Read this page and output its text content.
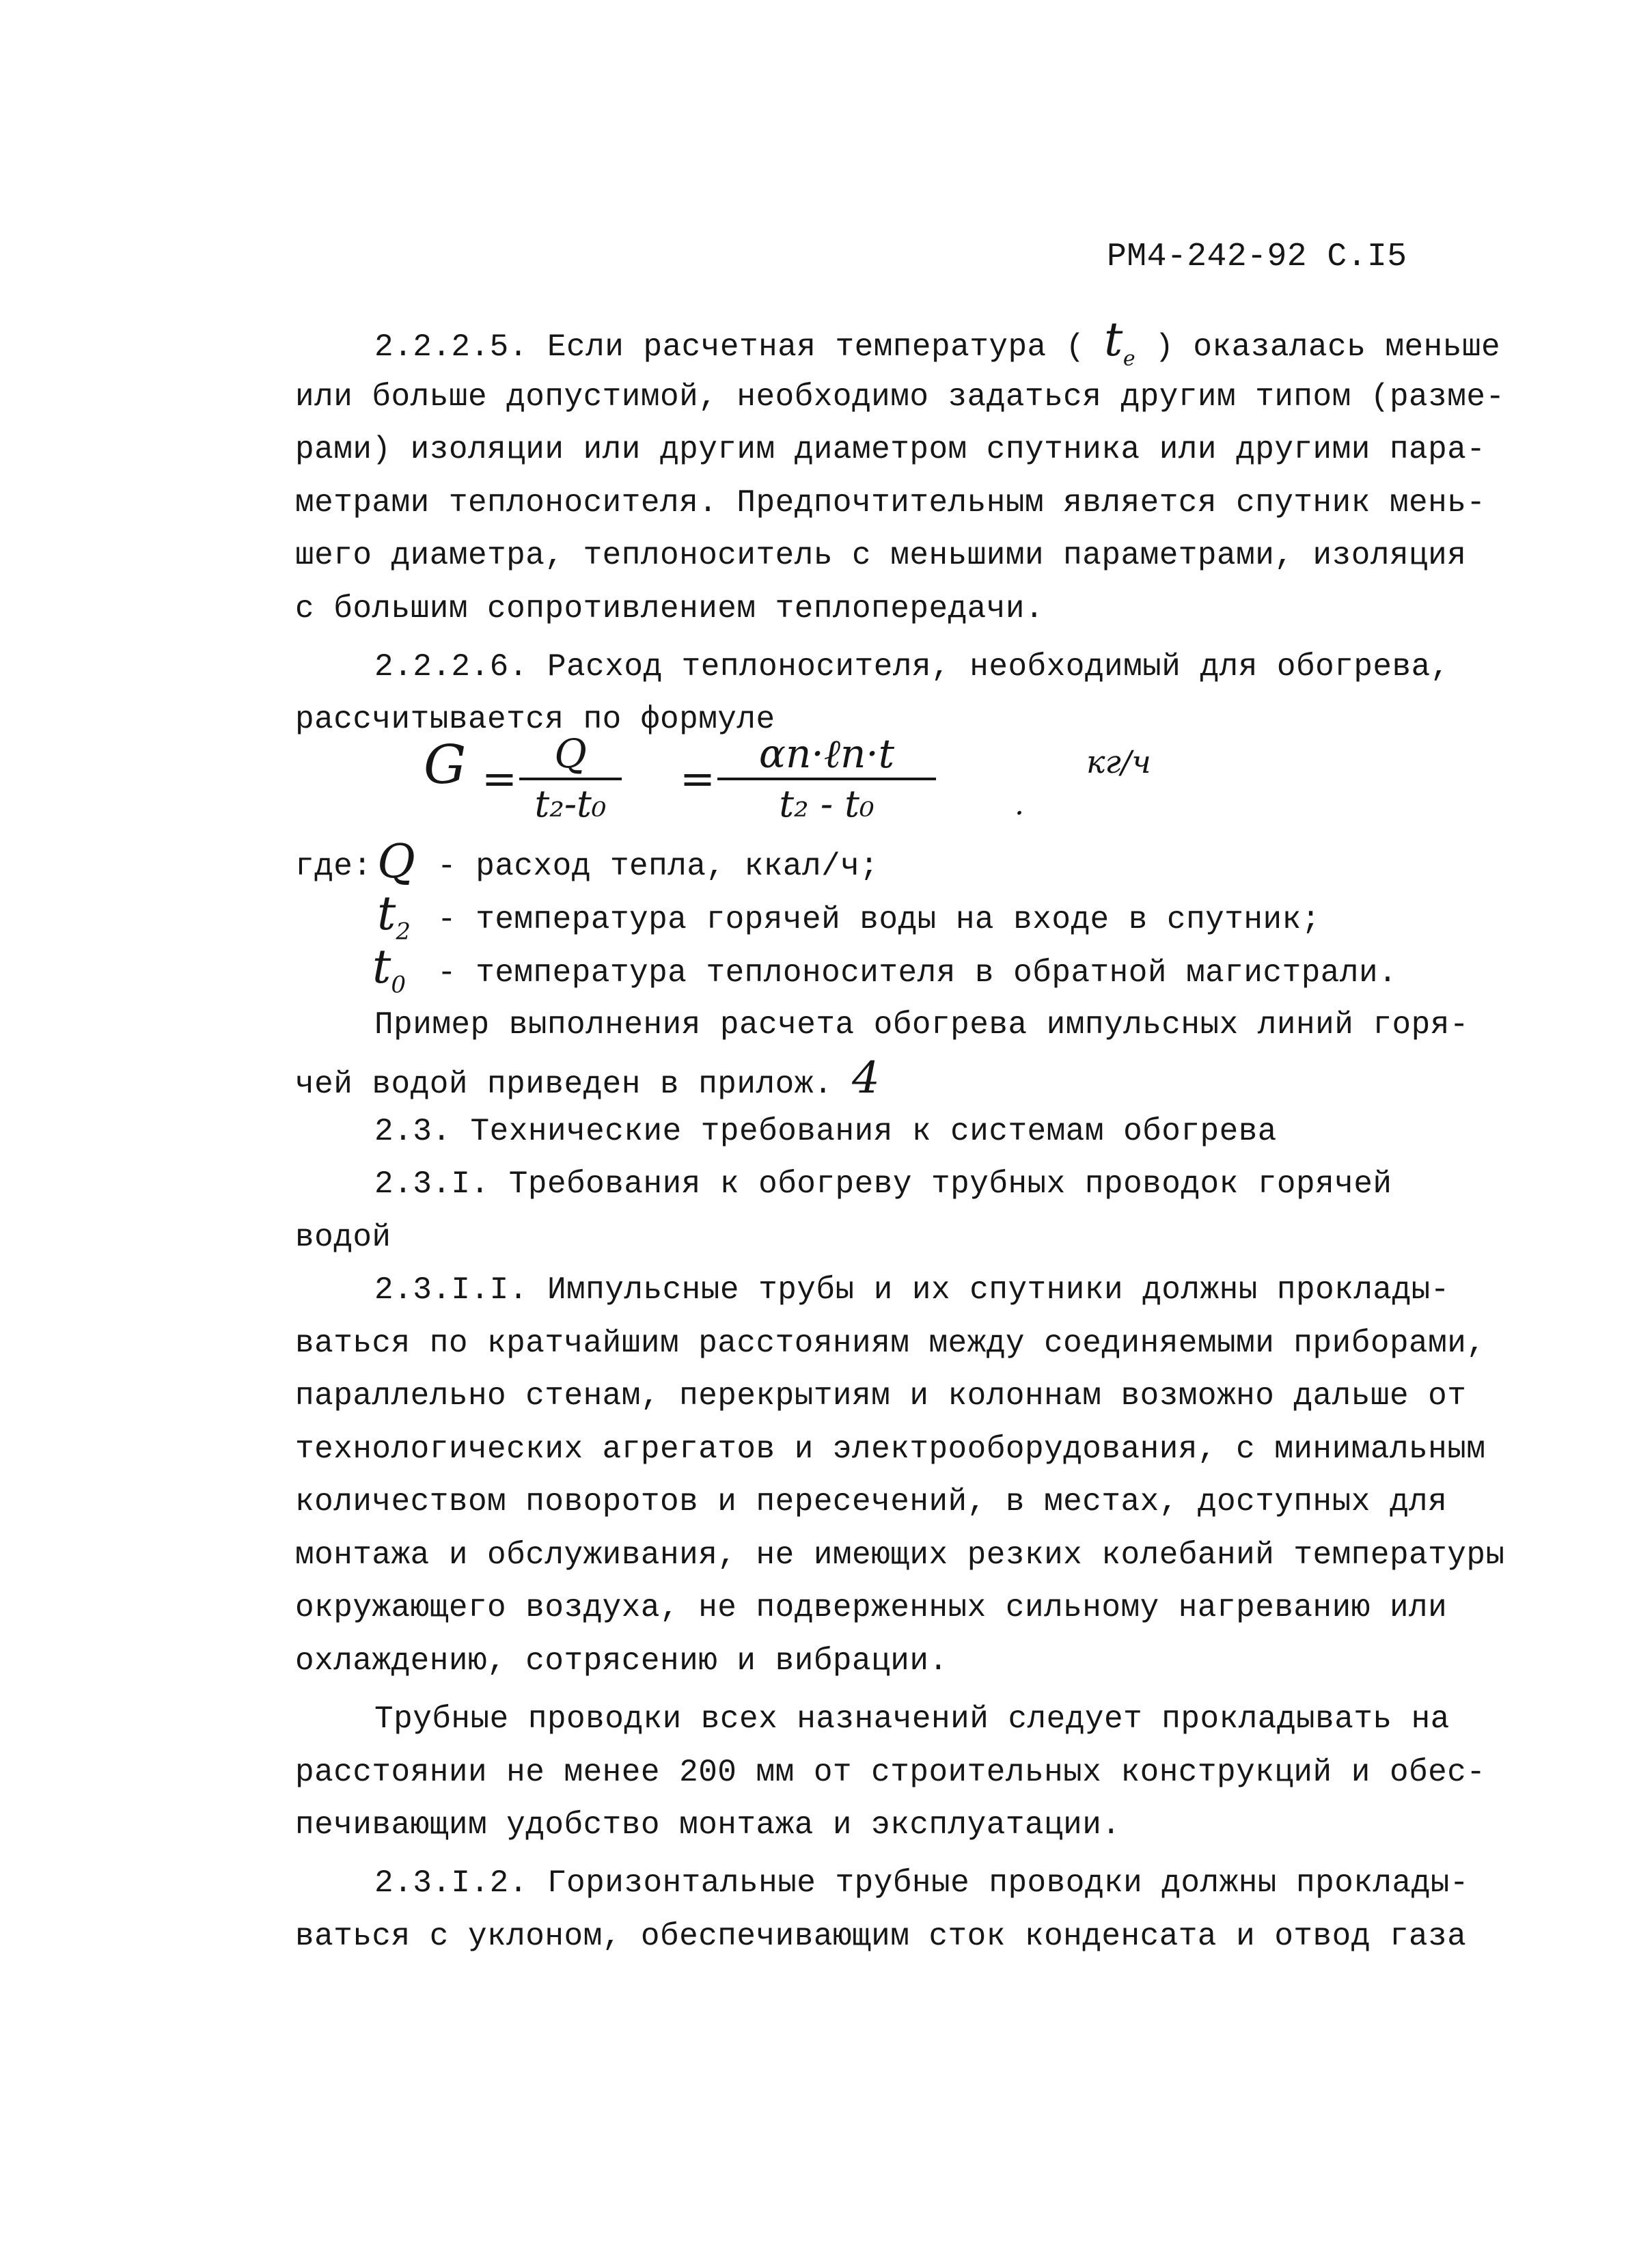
РМ4-242-92 С.I5
2.2.2.5. Если расчетная температура ( $t_e$ ) оказалась меньше
или больше допустимой, необходимо задаться другим типом (разме-
рами) изоляции или другим диаметром спутника или другими пара-
метрами теплоносителя. Предпочтительным является спутник мень-
шего диаметра, теплоноситель с меньшими параметрами, изоляция
с большим сопротивлением теплопередачи.
2.2.2.6. Расход теплоносителя, необходимый для обогрева,
рассчитывается по формуле
G = Q
t₂-t₀
=	αn·ℓn·t
t₂ - t₀	.
кг/ч
где: Q - расход тепла, ккал/ч;
$t_2$ - температура горячей воды на входе в спутник;
$t_0$ - температура теплоносителя в обратной магистрали.
Пример выполнения расчета обогрева импульсных линий горя-
чей водой приведен в прилож. 4
2.3. Технические требования к системам обогрева
2.3.I. Требования к обогреву трубных проводок горячей
водой
2.3.I.I. Импульсные трубы и их спутники должны проклады-
ваться по кратчайшим расстояниям между соединяемыми приборами,
параллельно стенам, перекрытиям и колоннам возможно дальше от
технологических агрегатов и электрооборудования, с минимальным
количеством поворотов и пересечений, в местах, доступных для
монтажа и обслуживания, не имеющих резких колебаний температуры
окружающего воздуха, не подверженных сильному нагреванию или
охлаждению, сотрясению и вибрации.
Трубные проводки всех назначений следует прокладывать на
расстоянии не менее 200 мм от строительных конструкций и обес-
печивающим удобство монтажа и эксплуатации.
2.3.I.2. Горизонтальные трубные проводки должны проклады-
ваться с уклоном, обеспечивающим сток конденсата и отвод газа
